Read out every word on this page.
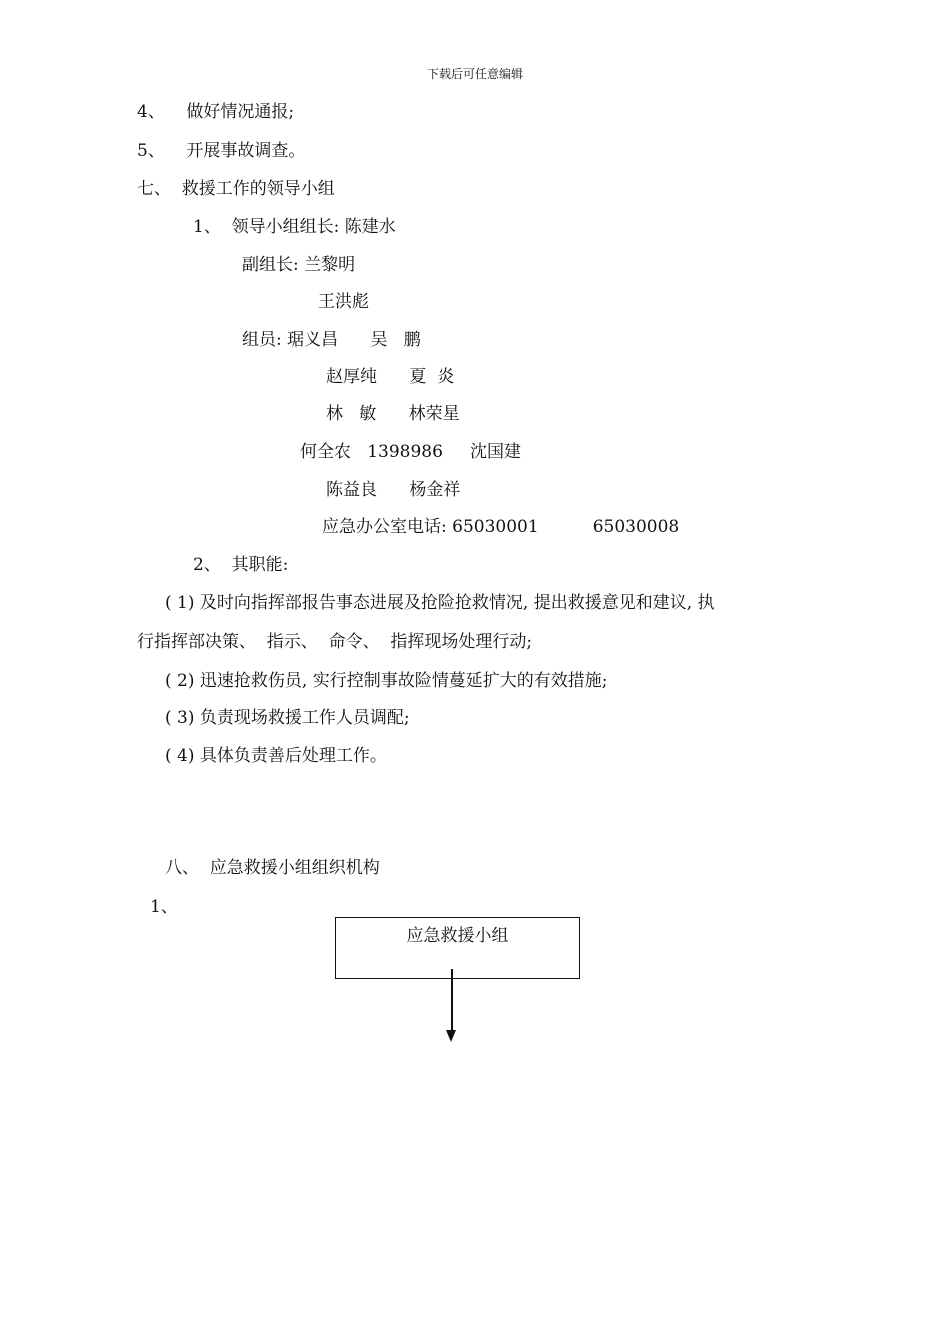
下载后可任意编辑
4、    做好情况通报;
5、    开展事故调查。
七、  救援工作的领导小组
1、  领导小组组长: 陈建水
副组长: 兰黎明
王洪彪
组员: 琚义昌      吴   鹏
赵厚纯      夏  炎
林   敏      林荣星
何全农   1398986     沈国建
陈益良      杨金祥
应急办公室电话: 65030001          65030008
2、  其职能:
( 1) 及时向指挥部报告事态进展及抢险抢救情况, 提出救援意见和建议, 执
行指挥部决策、  指示、  命令、  指挥现场处理行动;
( 2) 迅速抢救伤员, 实行控制事故险情蔓延扩大的有效措施;
( 3) 负责现场救援工作人员调配;
( 4) 具体负责善后处理工作。
八、  应急救援小组组织机构
1、
应急救援小组
